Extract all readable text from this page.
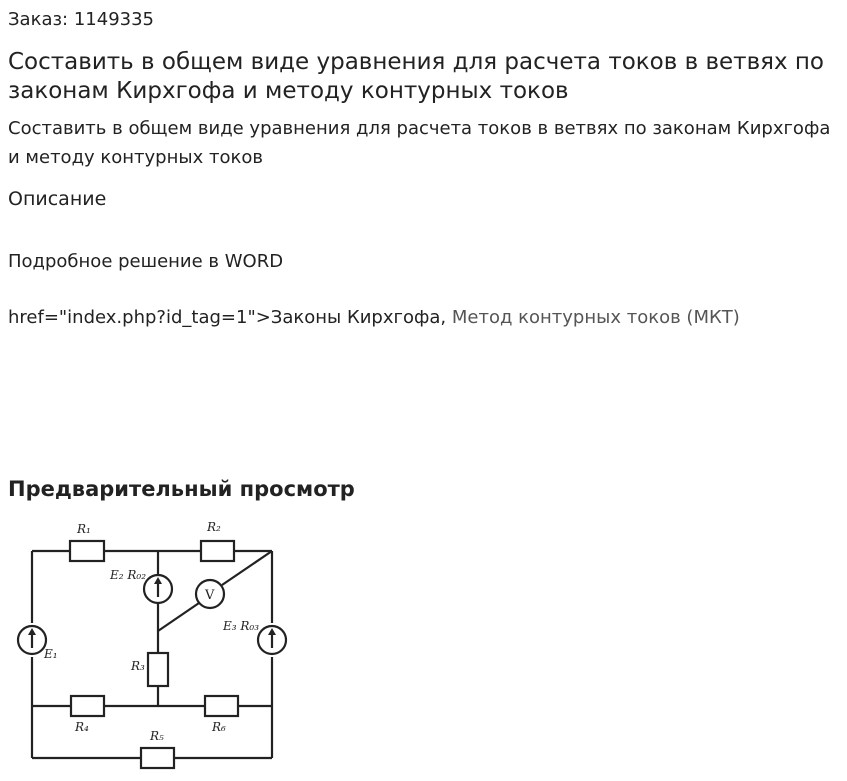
Заказ: 1149335
Составить в общем виде уравнения для расчета токов в ветвях по законам Кирхгофа и методу контурных токов

Составить в общем виде уравнения для расчета токов в ветвях по законам Кирхгофа и методу контурных токов

Описание
Подробное решение в WORD
href="index.php?id_tag=1">Законы Кирхгофа, Метод контурных токов (МКТ)
Предварительный просмотр
R₁	R₂
R₃
R₄	R₆
R₅
E₁
E₂ R₀₂
E₃ R₀₃
V
